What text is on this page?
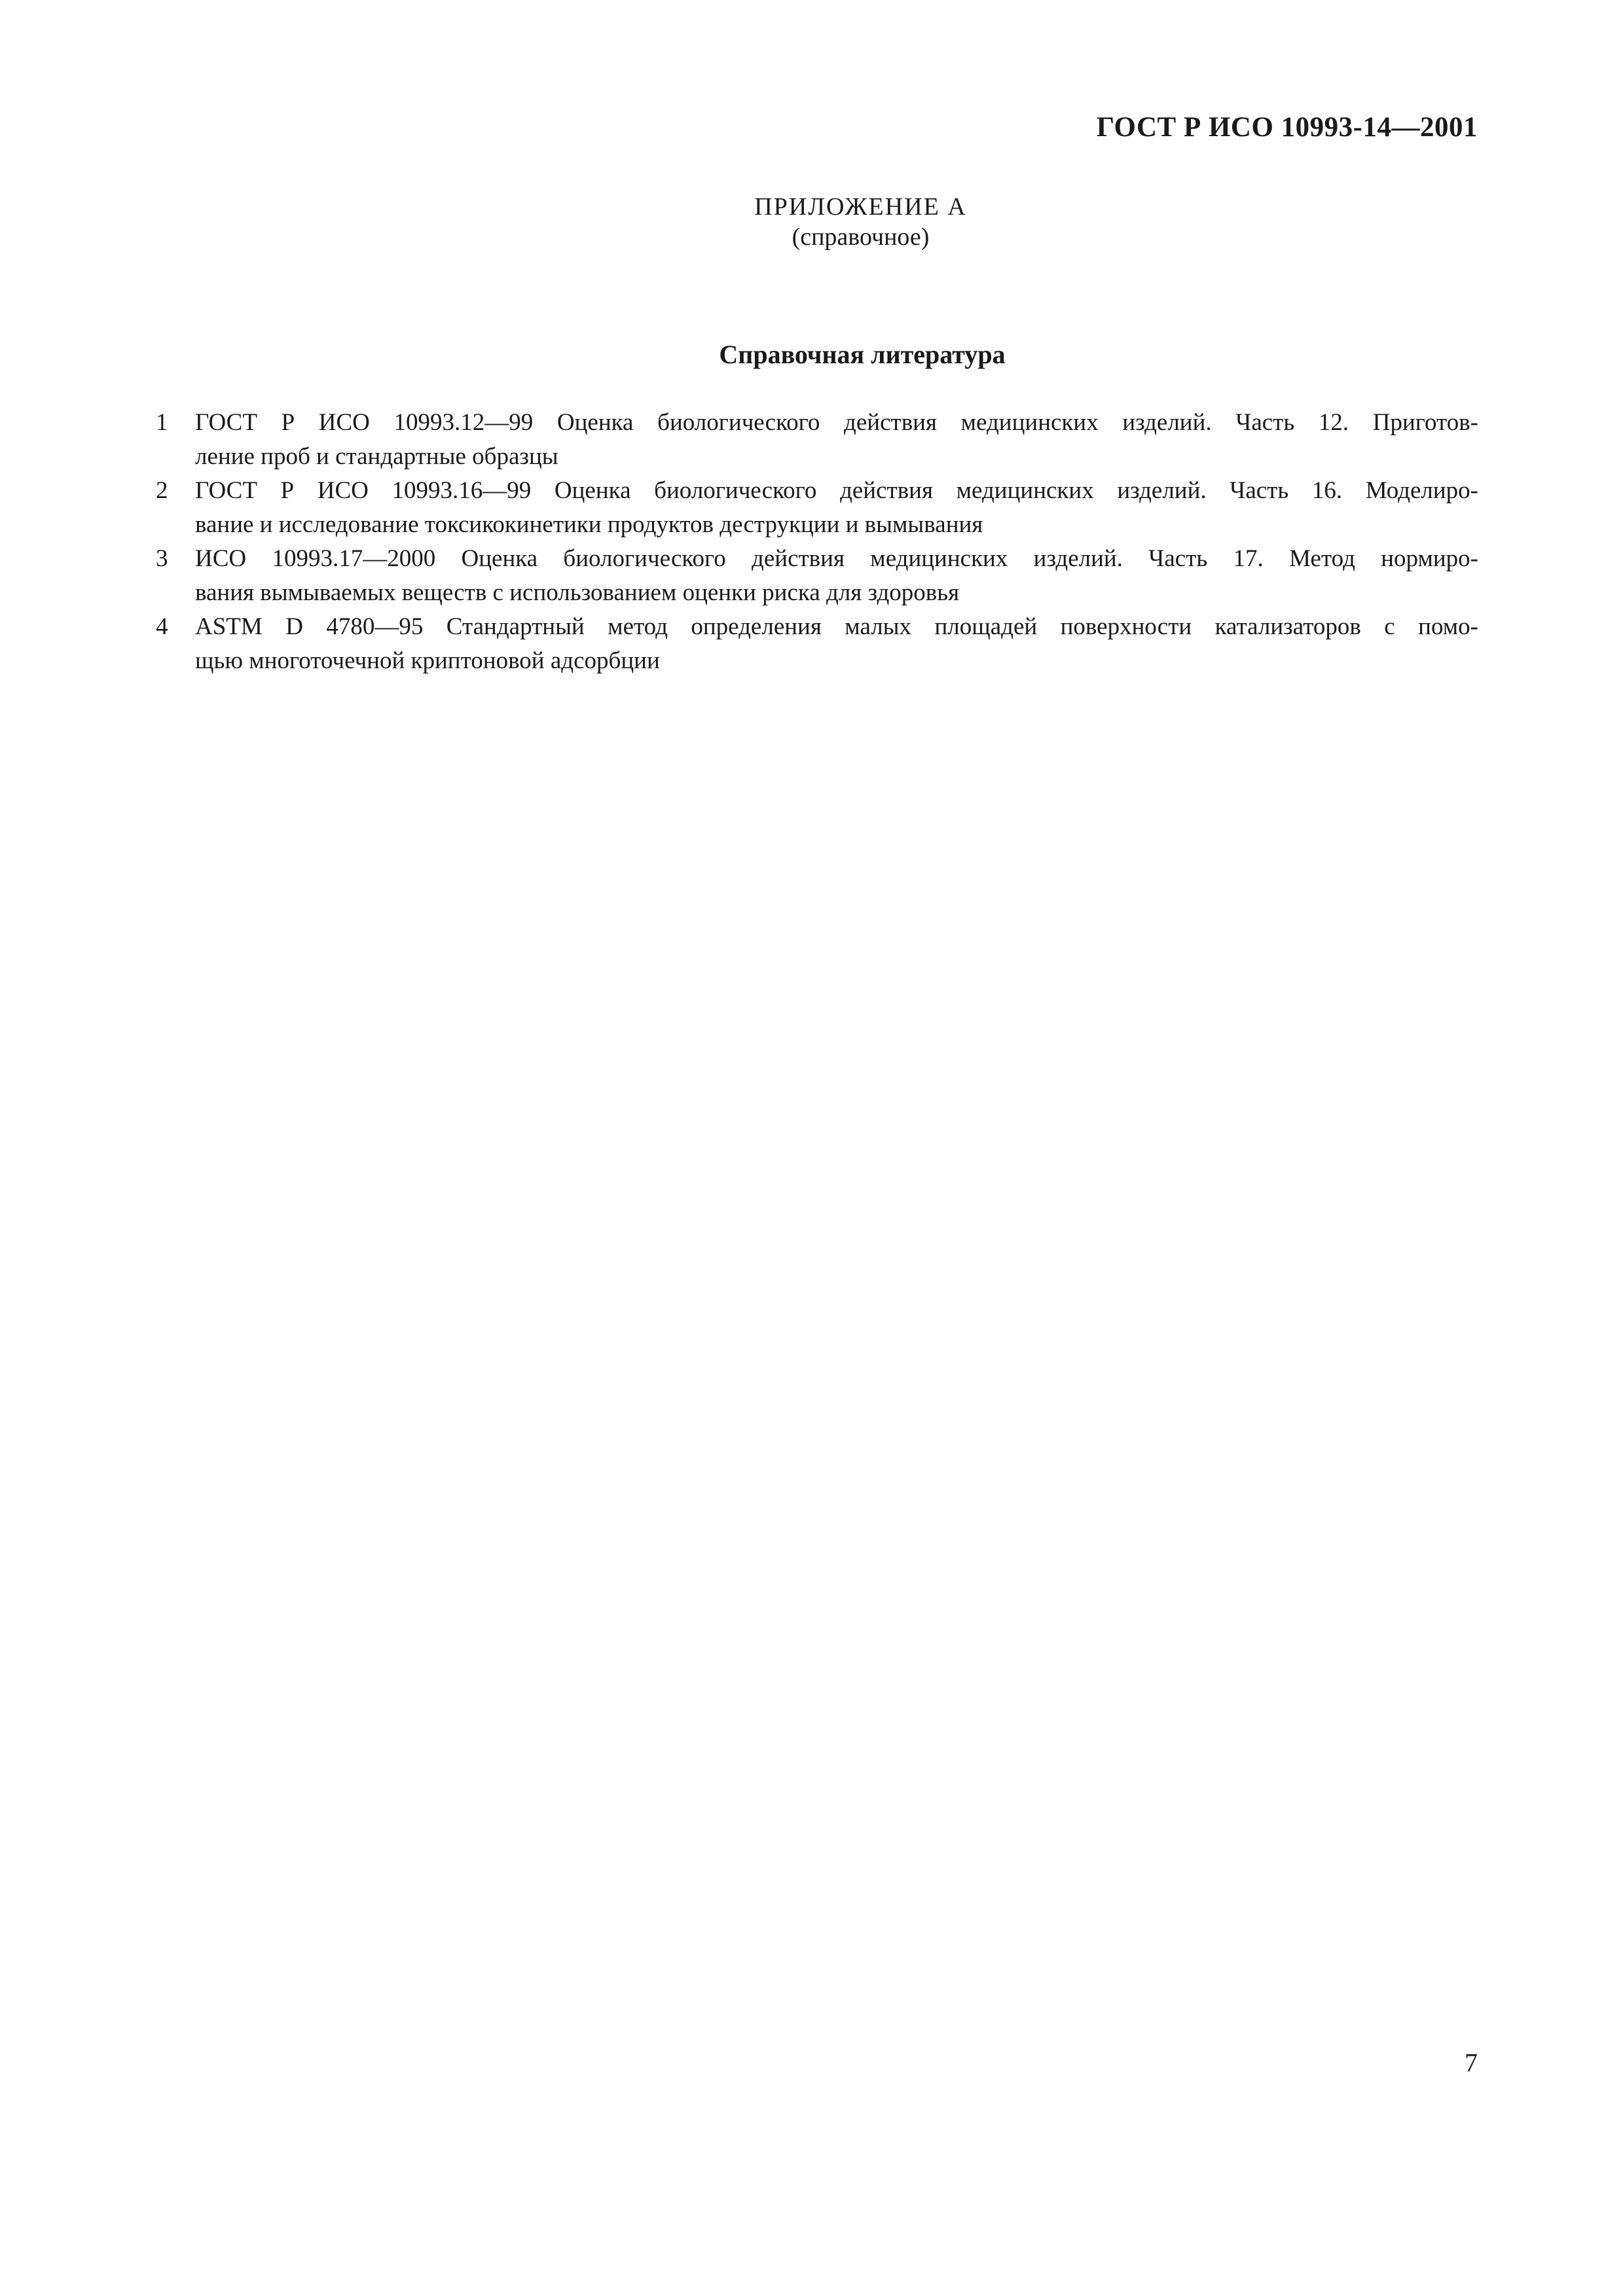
ГОСТ Р ИСО 10993-14—2001
ПРИЛОЖЕНИЕ А
(справочное)
Справочная литература
1	ГОСТ Р ИСО 10993.12—99 Оценка биологического действия медицинских изделий. Часть 12. Приготов-
ление проб и стандартные образцы
2	ГОСТ Р ИСО 10993.16—99 Оценка биологического действия медицинских изделий. Часть 16. Моделиро-
вание и исследование токсикокинетики продуктов деструкции и вымывания
3	ИСО 10993.17—2000 Оценка биологического действия медицинских изделий. Часть 17. Метод нормиро-
вания вымываемых веществ с использованием оценки риска для здоровья
4	ASTM D 4780—95 Стандартный метод определения малых площадей поверхности катализаторов с помо-
щью многоточечной криптоновой адсорбции
7
